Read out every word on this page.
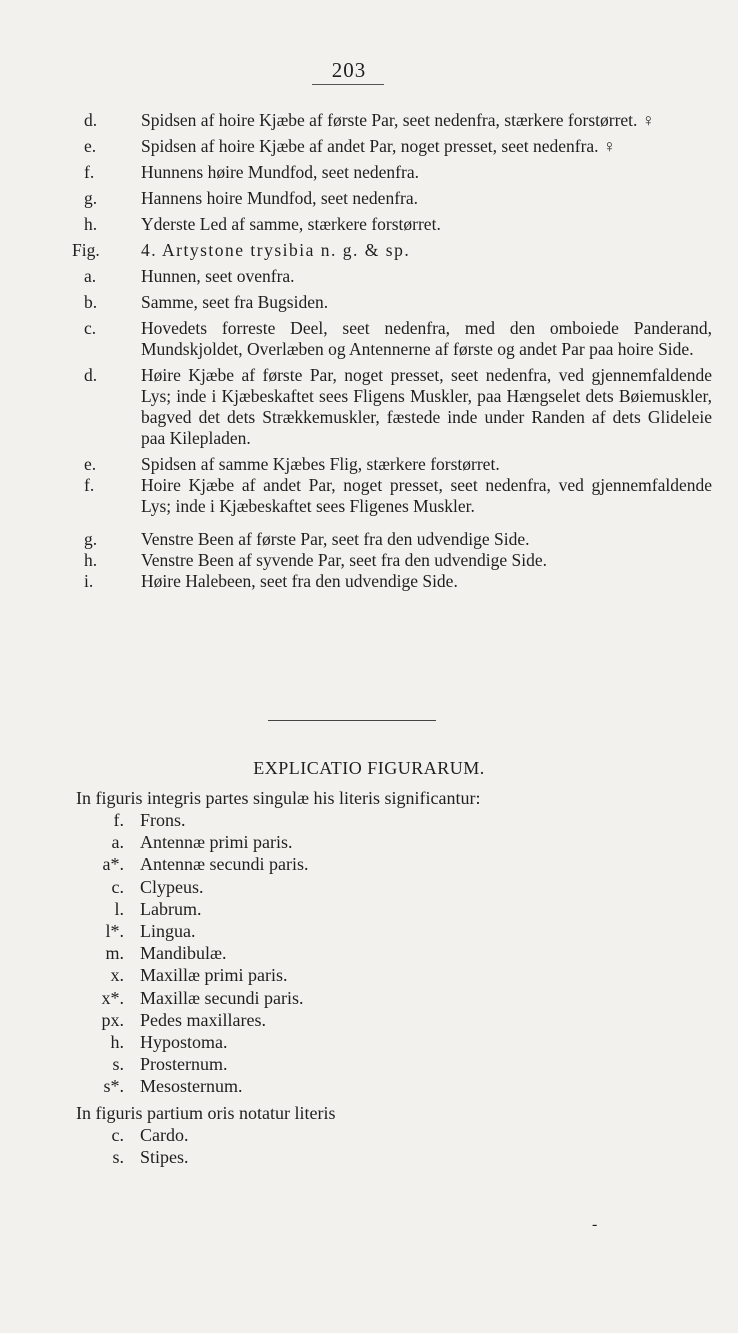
203
d.	Spidsen af hoire Kjæbe af første Par, seet nedenfra, stærkere forstørret. ♀
e.	Spidsen af hoire Kjæbe af andet Par, noget presset, seet nedenfra. ♀
f.	Hunnens høire Mundfod, seet nedenfra.
g.	Hannens hoire Mundfod, seet nedenfra.
h.	Yderste Led af samme, stærkere forstørret.
Fig.	4. Artystone trysibia n. g. & sp.
a.	Hunnen, seet ovenfra.
b.	Samme, seet fra Bugsiden.
c.	Hovedets forreste Deel, seet nedenfra, med den omboiede Panderand, Mundskjoldet, Overlæben og Antennerne af første og andet Par paa hoire Side.
d.	Høire Kjæbe af første Par, noget presset, seet nedenfra, ved gjennemfaldende Lys; inde i Kjæbeskaftet sees Fligens Muskler, paa Hængselet dets Bøiemuskler, bagved det dets Strækkemuskler, fæstede inde under Randen af dets Glideleie paa Kilepladen.
e.	Spidsen af samme Kjæbes Flig, stærkere forstørret.
f.	Hoire Kjæbe af andet Par, noget presset, seet nedenfra, ved gjennemfaldende Lys; inde i Kjæbeskaftet sees Fligenes Muskler.
g.	Venstre Been af første Par, seet fra den udvendige Side.
h.	Venstre Been af syvende Par, seet fra den udvendige Side.
i.	Høire Halebeen, seet fra den udvendige Side.
EXPLICATIO FIGURARUM.
In figuris integris partes singulæ his literis significantur:
f. Frons.
a. Antennæ primi paris.
a*. Antennæ secundi paris.
c. Clypeus.
l. Labrum.
l*. Lingua.
m. Mandibulæ.
x. Maxillæ primi paris.
x*. Maxillæ secundi paris.
px. Pedes maxillares.
h. Hypostoma.
s. Prosternum.
s*. Mesosternum.
In figuris partium oris notatur literis
c. Cardo.
s. Stipes.
-
